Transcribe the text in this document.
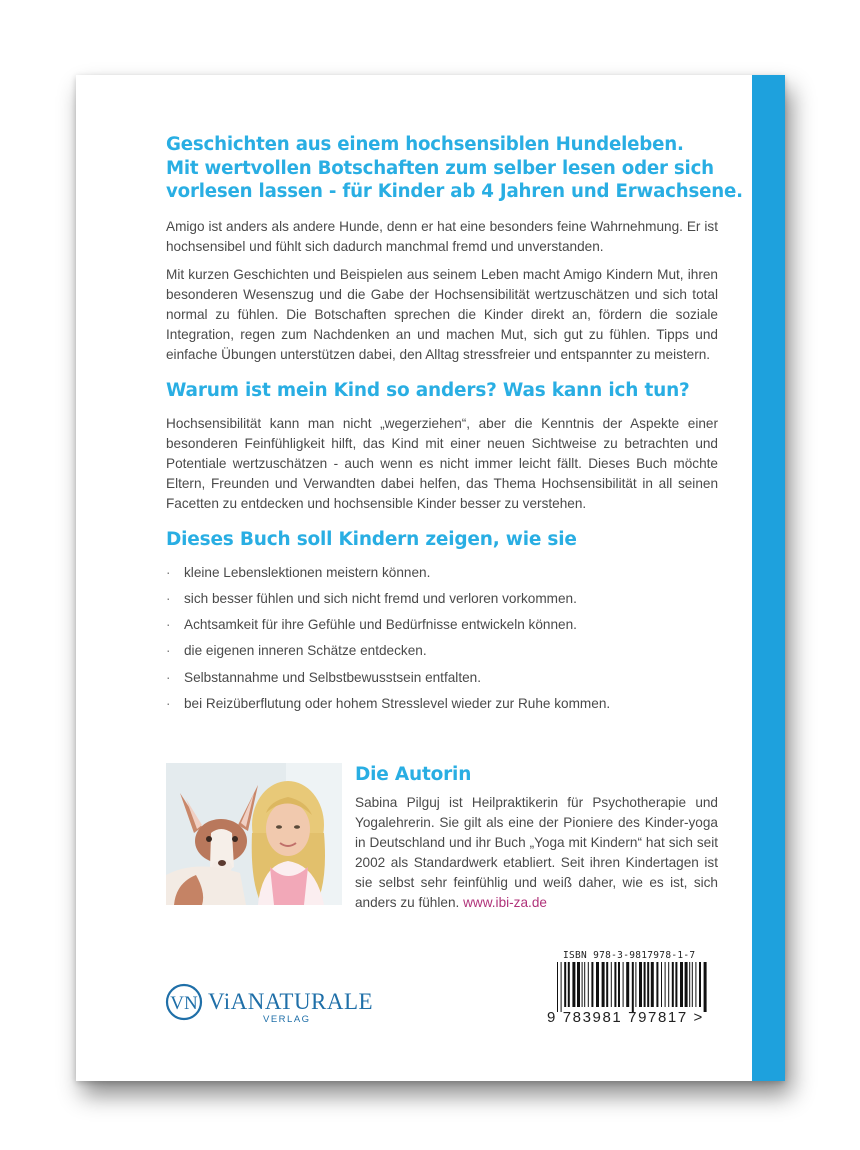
Geschichten aus einem hochsensiblen Hundeleben.
Mit wertvollen Botschaften zum selber lesen oder sich
vorlesen lassen - für Kinder ab 4 Jahren und Erwachsene.

Amigo ist anders als andere Hunde, denn er hat eine besonders feine Wahrnehmung. Er ist hochsensibel und fühlt sich dadurch manchmal fremd und unverstanden.

Mit kurzen Geschichten und Beispielen aus seinem Leben macht Amigo Kindern Mut, ihren besonderen Wesenszug und die Gabe der Hochsensibilität wertzuschätzen und sich total normal zu fühlen. Die Botschaften sprechen die Kinder direkt an, fördern die soziale Integration, regen zum Nachdenken an und machen Mut, sich gut zu fühlen. Tipps und einfache Übungen unterstützen dabei, den Alltag stressfreier und entspannter zu meistern.

Warum ist mein Kind so anders? Was kann ich tun?

Hochsensibilität kann man nicht „wegerziehen“, aber die Kenntnis der Aspekte einer besonderen Feinfühligkeit hilft, das Kind mit einer neuen Sichtweise zu betrachten und Potentiale wertzuschätzen - auch wenn es nicht immer leicht fällt. Dieses Buch möchte Eltern, Freunden und Verwandten dabei helfen, das Thema Hochsensibilität in all seinen Facetten zu entdecken und hochsensible Kinder besser zu verstehen.

Dieses Buch soll Kindern zeigen, wie sie
· kleine Lebenslektionen meistern können.
· sich besser fühlen und sich nicht fremd und verloren vorkommen.
· Achtsamkeit für ihre Gefühle und Bedürfnisse entwickeln können.
· die eigenen inneren Schätze entdecken.
· Selbstannahme und Selbstbewusstsein entfalten.
· bei Reizüberflutung oder hohem Stresslevel wieder zur Ruhe kommen.
Die Autorin

Sabina Pilguj ist Heilpraktikerin für Psychotherapie und Yogalehrerin. Sie gilt als eine der Pioniere des Kinder-yoga in Deutschland und ihr Buch „Yoga mit Kindern“ hat sich seit 2002 als Standardwerk etabliert. Seit ihren Kindertagen ist sie selbst sehr feinfühlig und weiß daher, wie es ist, sich anders zu fühlen. www.ibi-za.de

VN ViANATURALE
VERLAG
ISBN 978-3-9817978-1-7
9 783981 797817 >
